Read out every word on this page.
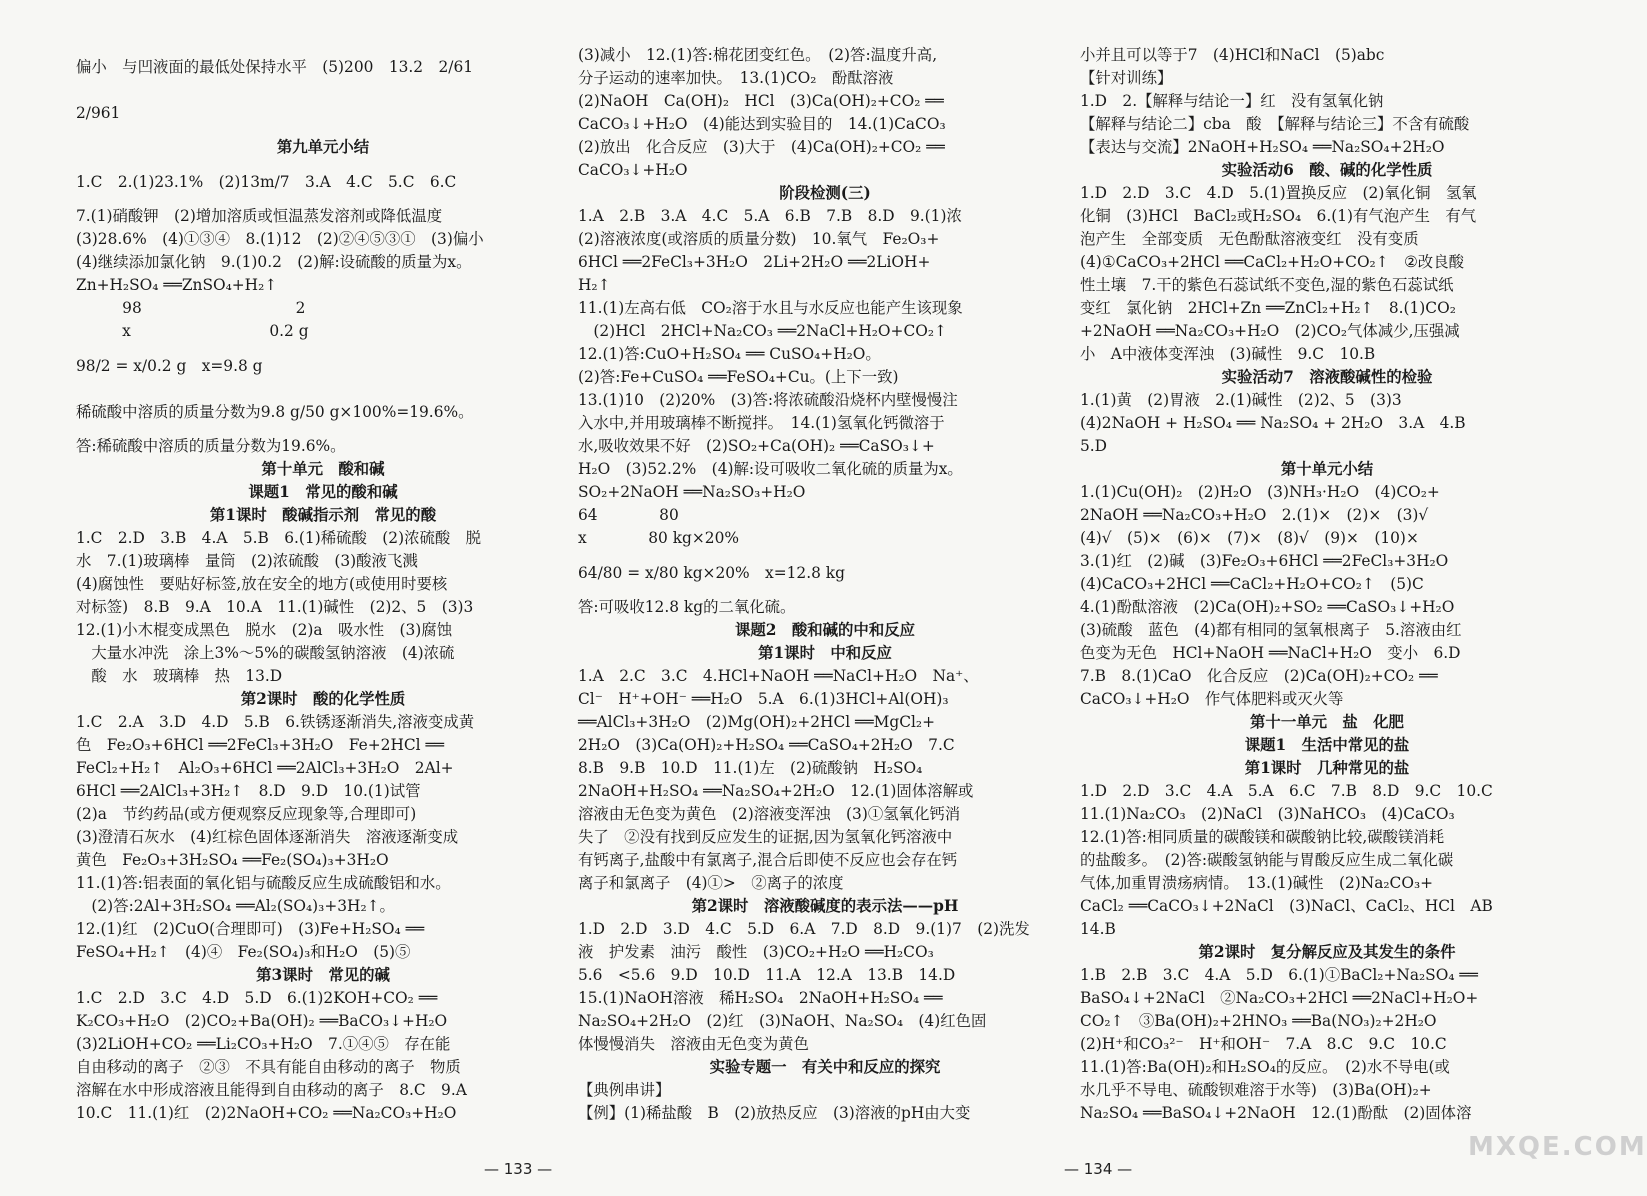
偏小　与凹液面的最低处保持水平　(5)200　13.2　2/61
2/961
第九单元小结
1.C　2.(1)23.1%　(2)13m/7　3.A　4.C　5.C　6.C
7.(1)硝酸钾　(2)增加溶质或恒温蒸发溶剂或降低温度
(3)28.6%　(4)①③④　8.(1)12　(2)②④⑤③①　(3)偏小
(4)继续添加氯化钠　9.(1)0.2　(2)解:设硫酸的质量为x。
Zn+H₂SO₄ ══ZnSO₄+H₂↑
　　　98　　　　　　　　　　2
　　　x　　　　　　　　　0.2 g
98/2 = x/0.2 g　x=9.8 g
稀硫酸中溶质的质量分数为9.8 g/50 g×100%=19.6%。
答:稀硫酸中溶质的质量分数为19.6%。
第十单元　酸和碱
课题1　常见的酸和碱
第1课时　酸碱指示剂　常见的酸
1.C　2.D　3.B　4.A　5.B　6.(1)稀硫酸　(2)浓硫酸　脱
水　7.(1)玻璃棒　量筒　(2)浓硫酸　(3)酸液飞溅
(4)腐蚀性　要贴好标签,放在安全的地方(或使用时要核
对标签)　8.B　9.A　10.A　11.(1)碱性　(2)2、5　(3)3
12.(1)小木棍变成黑色　脱水　(2)a　吸水性　(3)腐蚀
　大量水冲洗　涂上3%～5%的碳酸氢钠溶液　(4)浓硫
　酸　水　玻璃棒　热　13.D
第2课时　酸的化学性质
1.C　2.A　3.D　4.D　5.B　6.铁锈逐渐消失,溶液变成黄
色　Fe₂O₃+6HCl ══2FeCl₃+3H₂O　Fe+2HCl ══
FeCl₂+H₂↑　Al₂O₃+6HCl ══2AlCl₃+3H₂O　2Al+
6HCl ══2AlCl₃+3H₂↑　8.D　9.D　10.(1)试管
(2)a　节约药品(或方便观察反应现象等,合理即可)
(3)澄清石灰水　(4)红棕色固体逐渐消失　溶液逐渐变成
黄色　Fe₂O₃+3H₂SO₄ ══Fe₂(SO₄)₃+3H₂O
11.(1)答:铝表面的氧化铝与硫酸反应生成硫酸铝和水。
　(2)答:2Al+3H₂SO₄ ══Al₂(SO₄)₃+3H₂↑。
12.(1)红　(2)CuO(合理即可)　(3)Fe+H₂SO₄ ══
FeSO₄+H₂↑　(4)④　Fe₂(SO₄)₃和H₂O　(5)⑤
第3课时　常见的碱
1.C　2.D　3.C　4.D　5.D　6.(1)2KOH+CO₂ ══
K₂CO₃+H₂O　(2)CO₂+Ba(OH)₂ ══BaCO₃↓+H₂O
(3)2LiOH+CO₂ ══Li₂CO₃+H₂O　7.①④⑤　存在能
自由移动的离子　②③　不具有能自由移动的离子　物质
溶解在水中形成溶液且能得到自由移动的离子　8.C　9.A
10.C　11.(1)红　(2)2NaOH+CO₂ ══Na₂CO₃+H₂O
(3)减小　12.(1)答:棉花团变红色。　(2)答:温度升高,
分子运动的速率加快。　13.(1)CO₂　酚酞溶液
(2)NaOH　Ca(OH)₂　HCl　(3)Ca(OH)₂+CO₂ ══
CaCO₃↓+H₂O　(4)能达到实验目的　14.(1)CaCO₃
(2)放出　化合反应　(3)大于　(4)Ca(OH)₂+CO₂ ══
CaCO₃↓+H₂O
阶段检测(三)
1.A　2.B　3.A　4.C　5.A　6.B　7.B　8.D　9.(1)浓
(2)溶液浓度(或溶质的质量分数)　10.氧气　Fe₂O₃+
6HCl ══2FeCl₃+3H₂O　2Li+2H₂O ══2LiOH+
H₂↑
11.(1)左高右低　CO₂溶于水且与水反应也能产生该现象
　(2)HCl　2HCl+Na₂CO₃ ══2NaCl+H₂O+CO₂↑
12.(1)答:CuO+H₂SO₄ ══ CuSO₄+H₂O。
(2)答:Fe+CuSO₄ ══FeSO₄+Cu。(上下一致)
13.(1)10　(2)20%　(3)答:将浓硫酸沿烧杯内壁慢慢注
入水中,并用玻璃棒不断搅拌。　14.(1)氢氧化钙微溶于
水,吸收效果不好　(2)SO₂+Ca(OH)₂ ══CaSO₃↓+
H₂O　(3)52.2%　(4)解:设可吸收二氧化硫的质量为x。
SO₂+2NaOH ══Na₂SO₃+H₂O
64　　　　80
x　　　　80 kg×20%
64/80 = x/80 kg×20%　x=12.8 kg
答:可吸收12.8 kg的二氧化硫。
课题2　酸和碱的中和反应
第1课时　中和反应
1.A　2.C　3.C　4.HCl+NaOH ══NaCl+H₂O　Na⁺、
Cl⁻　H⁺+OH⁻ ══H₂O　5.A　6.(1)3HCl+Al(OH)₃
══AlCl₃+3H₂O　(2)Mg(OH)₂+2HCl ══MgCl₂+
2H₂O　(3)Ca(OH)₂+H₂SO₄ ══CaSO₄+2H₂O　7.C
8.B　9.B　10.D　11.(1)左　(2)硫酸钠　H₂SO₄
2NaOH+H₂SO₄ ══Na₂SO₄+2H₂O　12.(1)固体溶解或
溶液由无色变为黄色　(2)溶液变浑浊　(3)①氢氧化钙消
失了　②没有找到反应发生的证据,因为氢氧化钙溶液中
有钙离子,盐酸中有氯离子,混合后即使不反应也会存在钙
离子和氯离子　(4)①>　②离子的浓度
第2课时　溶液酸碱度的表示法——pH
1.D　2.D　3.D　4.C　5.D　6.A　7.D　8.D　9.(1)7　(2)洗发
液　护发素　油污　酸性　(3)CO₂+H₂O ══H₂CO₃
5.6　<5.6　9.D　10.D　11.A　12.A　13.B　14.D
15.(1)NaOH溶液　稀H₂SO₄　2NaOH+H₂SO₄ ══
Na₂SO₄+2H₂O　(2)红　(3)NaOH、Na₂SO₄　(4)红色固
体慢慢消失　溶液由无色变为黄色
实验专题一　有关中和反应的探究
【典例串讲】
【例】(1)稀盐酸　B　(2)放热反应　(3)溶液的pH由大变
小并且可以等于7　(4)HCl和NaCl　(5)abc
【针对训练】
1.D　2.【解释与结论一】红　没有氢氧化钠
【解释与结论二】cba　酸　【解释与结论三】不含有硫酸
【表达与交流】2NaOH+H₂SO₄ ══Na₂SO₄+2H₂O
实验活动6　酸、碱的化学性质
1.D　2.D　3.C　4.D　5.(1)置换反应　(2)氧化铜　氢氧
化铜　(3)HCl　BaCl₂或H₂SO₄　6.(1)有气泡产生　有气
泡产生　全部变质　无色酚酞溶液变红　没有变质
(4)①CaCO₃+2HCl ══CaCl₂+H₂O+CO₂↑　②改良酸
性土壤　7.干的紫色石蕊试纸不变色,湿的紫色石蕊试纸
变红　氯化钠　2HCl+Zn ══ZnCl₂+H₂↑　8.(1)CO₂
+2NaOH ══Na₂CO₃+H₂O　(2)CO₂气体减少,压强减
小　A中液体变浑浊　(3)碱性　9.C　10.B
实验活动7　溶液酸碱性的检验
1.(1)黄　(2)胃液　2.(1)碱性　(2)2、5　(3)3
(4)2NaOH + H₂SO₄ ══ Na₂SO₄ + 2H₂O　3.A　4.B
5.D
第十单元小结
1.(1)Cu(OH)₂　(2)H₂O　(3)NH₃·H₂O　(4)CO₂+
2NaOH ══Na₂CO₃+H₂O　2.(1)×　(2)×　(3)√
(4)√　(5)×　(6)×　(7)×　(8)√　(9)×　(10)×
3.(1)红　(2)碱　(3)Fe₂O₃+6HCl ══2FeCl₃+3H₂O
(4)CaCO₃+2HCl ══CaCl₂+H₂O+CO₂↑　(5)C
4.(1)酚酞溶液　(2)Ca(OH)₂+SO₂ ══CaSO₃↓+H₂O
(3)硫酸　蓝色　(4)都有相同的氢氧根离子　5.溶液由红
色变为无色　HCl+NaOH ══NaCl+H₂O　变小　6.D
7.B　8.(1)CaO　化合反应　(2)Ca(OH)₂+CO₂ ══
CaCO₃↓+H₂O　作气体肥料或灭火等
第十一单元　盐　化肥
课题1　生活中常见的盐
第1课时　几种常见的盐
1.D　2.D　3.C　4.A　5.A　6.C　7.B　8.D　9.C　10.C
11.(1)Na₂CO₃　(2)NaCl　(3)NaHCO₃　(4)CaCO₃
12.(1)答:相同质量的碳酸镁和碳酸钠比较,碳酸镁消耗
的盐酸多。　(2)答:碳酸氢钠能与胃酸反应生成二氧化碳
气体,加重胃溃疡病情。　13.(1)碱性　(2)Na₂CO₃+
CaCl₂ ══CaCO₃↓+2NaCl　(3)NaCl、CaCl₂、HCl　AB
14.B
第2课时　复分解反应及其发生的条件
1.B　2.B　3.C　4.A　5.D　6.(1)①BaCl₂+Na₂SO₄ ══
BaSO₄↓+2NaCl　②Na₂CO₃+2HCl ══2NaCl+H₂O+
CO₂↑　③Ba(OH)₂+2HNO₃ ══Ba(NO₃)₂+2H₂O
(2)H⁺和CO₃²⁻　H⁺和OH⁻　7.A　8.C　9.C　10.C
11.(1)答:Ba(OH)₂和H₂SO₄的反应。　(2)水不导电(或
水几乎不导电、硫酸钡难溶于水等)　(3)Ba(OH)₂+
Na₂SO₄ ══BaSO₄↓+2NaOH　12.(1)酚酞　(2)固体溶
— 133 —	— 134 —
MXQE.COM
